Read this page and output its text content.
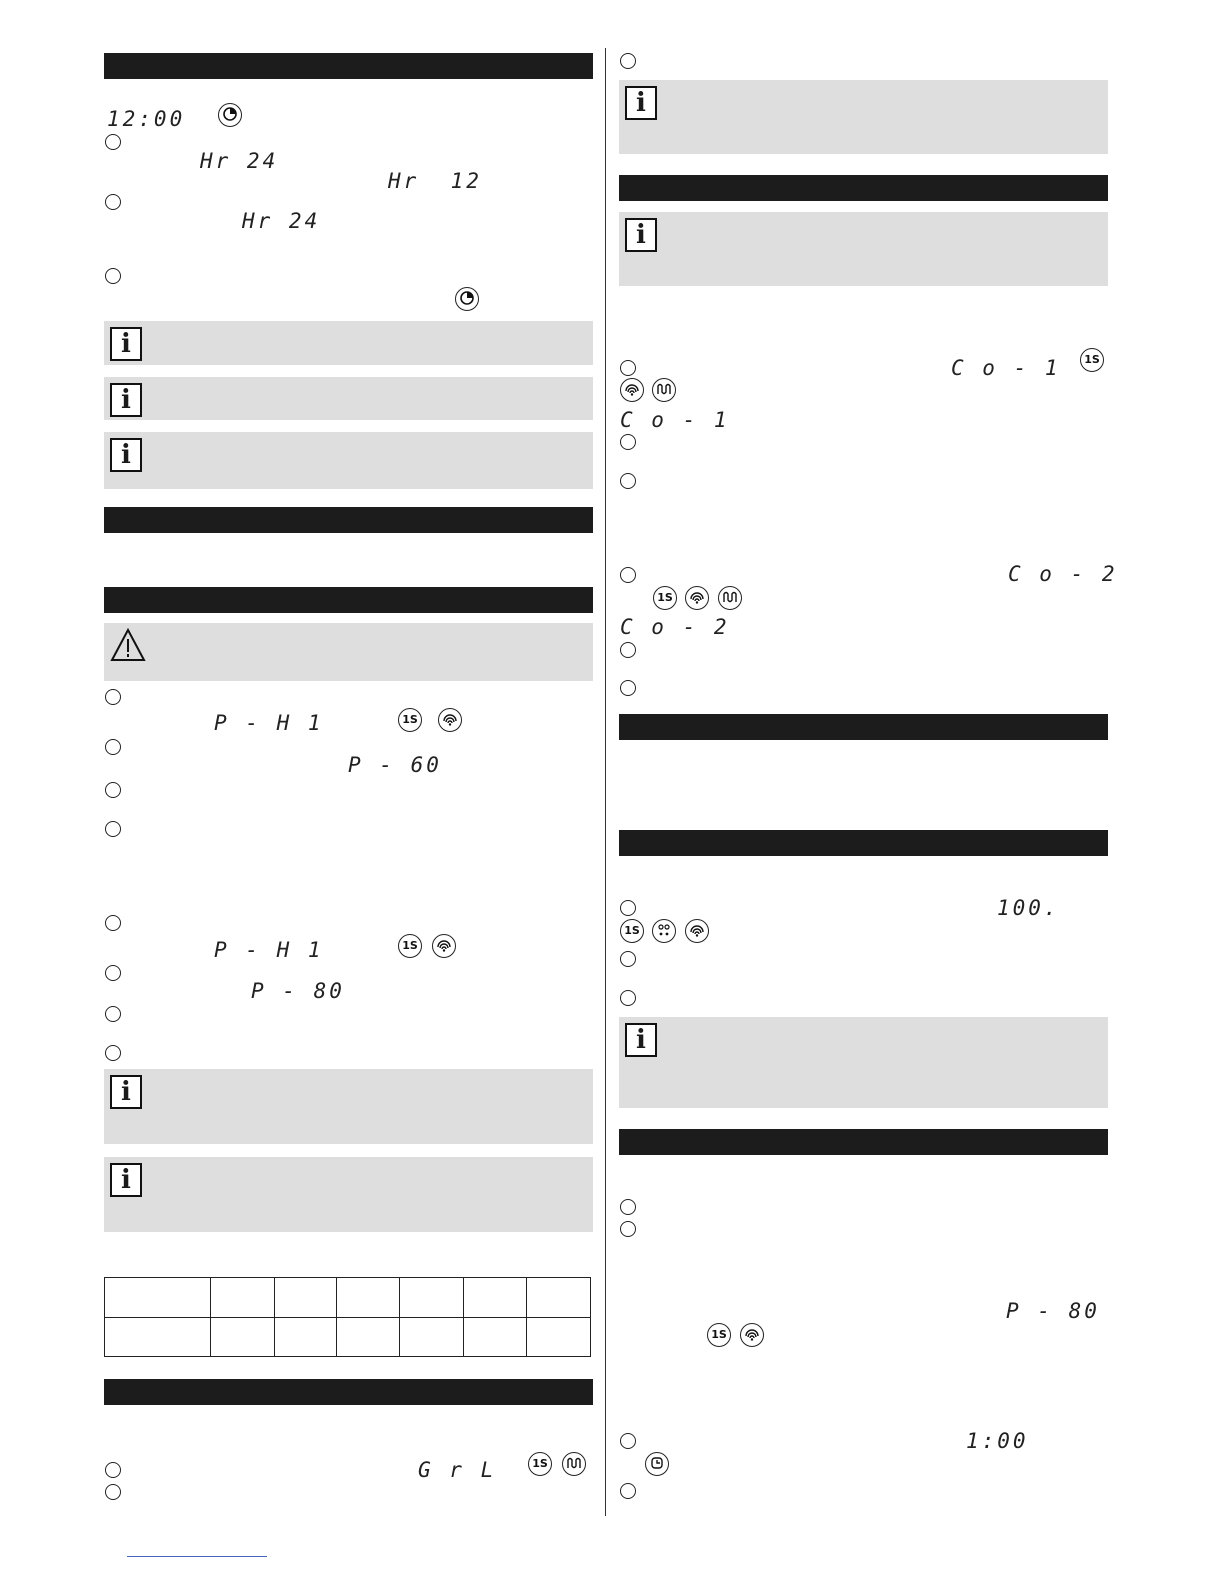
12:00
Hr 24
Hr  12
Hr 24
i
i
i
P - H 1	1S
P - 60
P - H 1	1S
P - 80
i
i

G r L	1S
i
i
C o - 1	1S
C o - 1
C o - 2
1S
C o - 2
100.
1S
i
P - 80
1S
1:00
